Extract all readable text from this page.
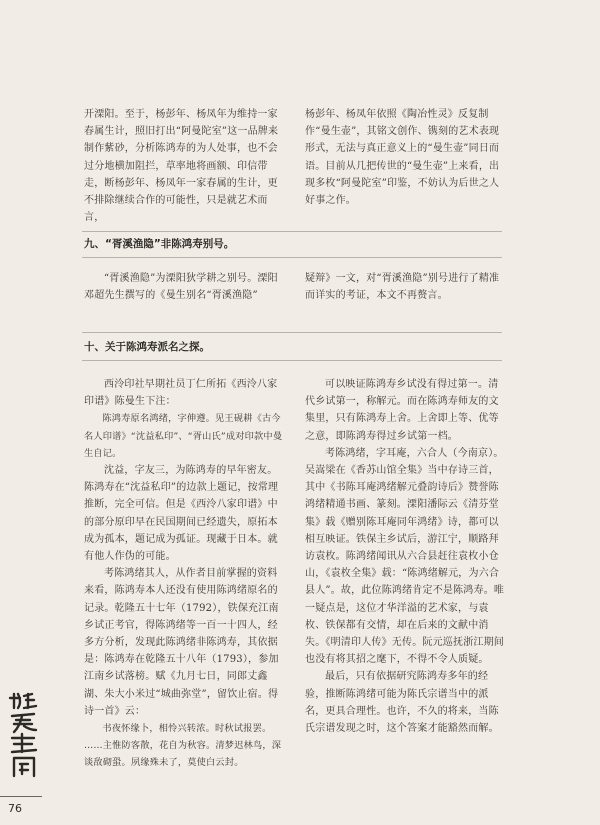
开溧阳。至于，杨彭年、杨凤年为维持一家春属生计，照旧打出“阿曼陀室”这一品牌来制作紫砂，分析陈鸿寿的为人处事，也不会过分地横加阻拦，草率地将画额、印信带走，断杨彭年、杨凤年一家春属的生计，更不排除继续合作的可能性，只是就艺术而言，

杨彭年、杨凤年依照《陶冶性灵》反复制作“曼生壶”，其铭文创作、镌刻的艺术表现形式，无法与真正意义上的“曼生壶”同日而语。目前从几把传世的“曼生壶”上来看，出现多枚“阿曼陀室”印鉴，不妨认为后世之人好事之作。

九、“胥溪渔隐”非陈鸿寿别号。

“胥溪渔隐”为溧阳狄学耕之别号。溧阳邓超先生撰写的《曼生别名“胥溪渔隐”

疑辩》一文，对“胥溪渔隐”别号进行了精准而详实的考证，本文不再赘言。

十、关于陈鸿寿派名之探。

西泠印社早期社员丁仁所拓《西泠八家印谱》陈曼生下注：

陈鸿寿原名鸿绪，字伸遵。见王砚耕《古今名人印谱》“沈益私印”、“胥山氏”成对印款中曼生自记。

沈益，字友三，为陈鸿寿的早年密友。陈鸿寿在“沈益私印”的边款上题记，按常理推断，完全可信。但是《西泠八家印谱》中的部分原印早在民国期间已经遗失，原拓本成为孤本，题记成为孤证。现藏于日本。就有他人作伪的可能。

考陈鸿绪其人，从作者目前掌握的资料来看，陈鸿寿本人还没有使用陈鸿绪原名的记录。乾隆五十七年（1792），铁保充江南乡试正考官，得陈鸿绪等一百一十四人，经多方分析，发现此陈鸿绪非陈鸿寿，其依据是：陈鸿寿在乾隆五十八年（1793），参加江南乡试落榜。赋《九月七日，同郎丈鑫湖、朱大小米过“城曲弥堂”，留饮止宿。得诗一首》云：

书夜怀缘卜，相怜兴转浓。时秋试报罢。

……主惟防客散，花自为秋容。清梦迟林鸟，深谈敌砌蛩。夙缘殊未了，莫使白云封。

可以映证陈鸿寿乡试没有得过第一。清代乡试第一，称解元。而在陈鸿寿师友的文集里，只有陈鸿寿上舍。上舍即上等、优等之意，即陈鸿寿得过乡试第一档。

考陈鸿绪，字耳庵，六合人（今南京）。吴嵩梁在《香苏山馆全集》当中存诗三首，其中《书陈耳庵鸿绪解元叠韵诗后》赞誉陈鸿绪精通书画、篆刻。溧阳潘际云《清芬堂集》载《赠别陈耳庵同年鸿绪》诗，都可以相互映证。铁保主乡试后，游江宁，顺路拜访袁枚。陈鸿绪闻讯从六合县赶往袁枚小仓山，《袁枚全集》载：“陈鸿绪解元，为六合县人”。故，此位陈鸿绪肯定不是陈鸿寿。唯一疑点是，这位才华洋溢的艺术家，与袁枚、铁保都有交情，却在后来的文献中消失。《明清印人传》无传。阮元巡抚浙江期间也没有将其招之麾下，不得不令人质疑。

最后，只有依据研究陈鸿寿多年的经验，推断陈鸿绪可能为陈氏宗谱当中的派名，更具合理性。也许，不久的将来，当陈氏宗谱发现之时，这个答案才能豁然而解。

陳鳴壽印
76
